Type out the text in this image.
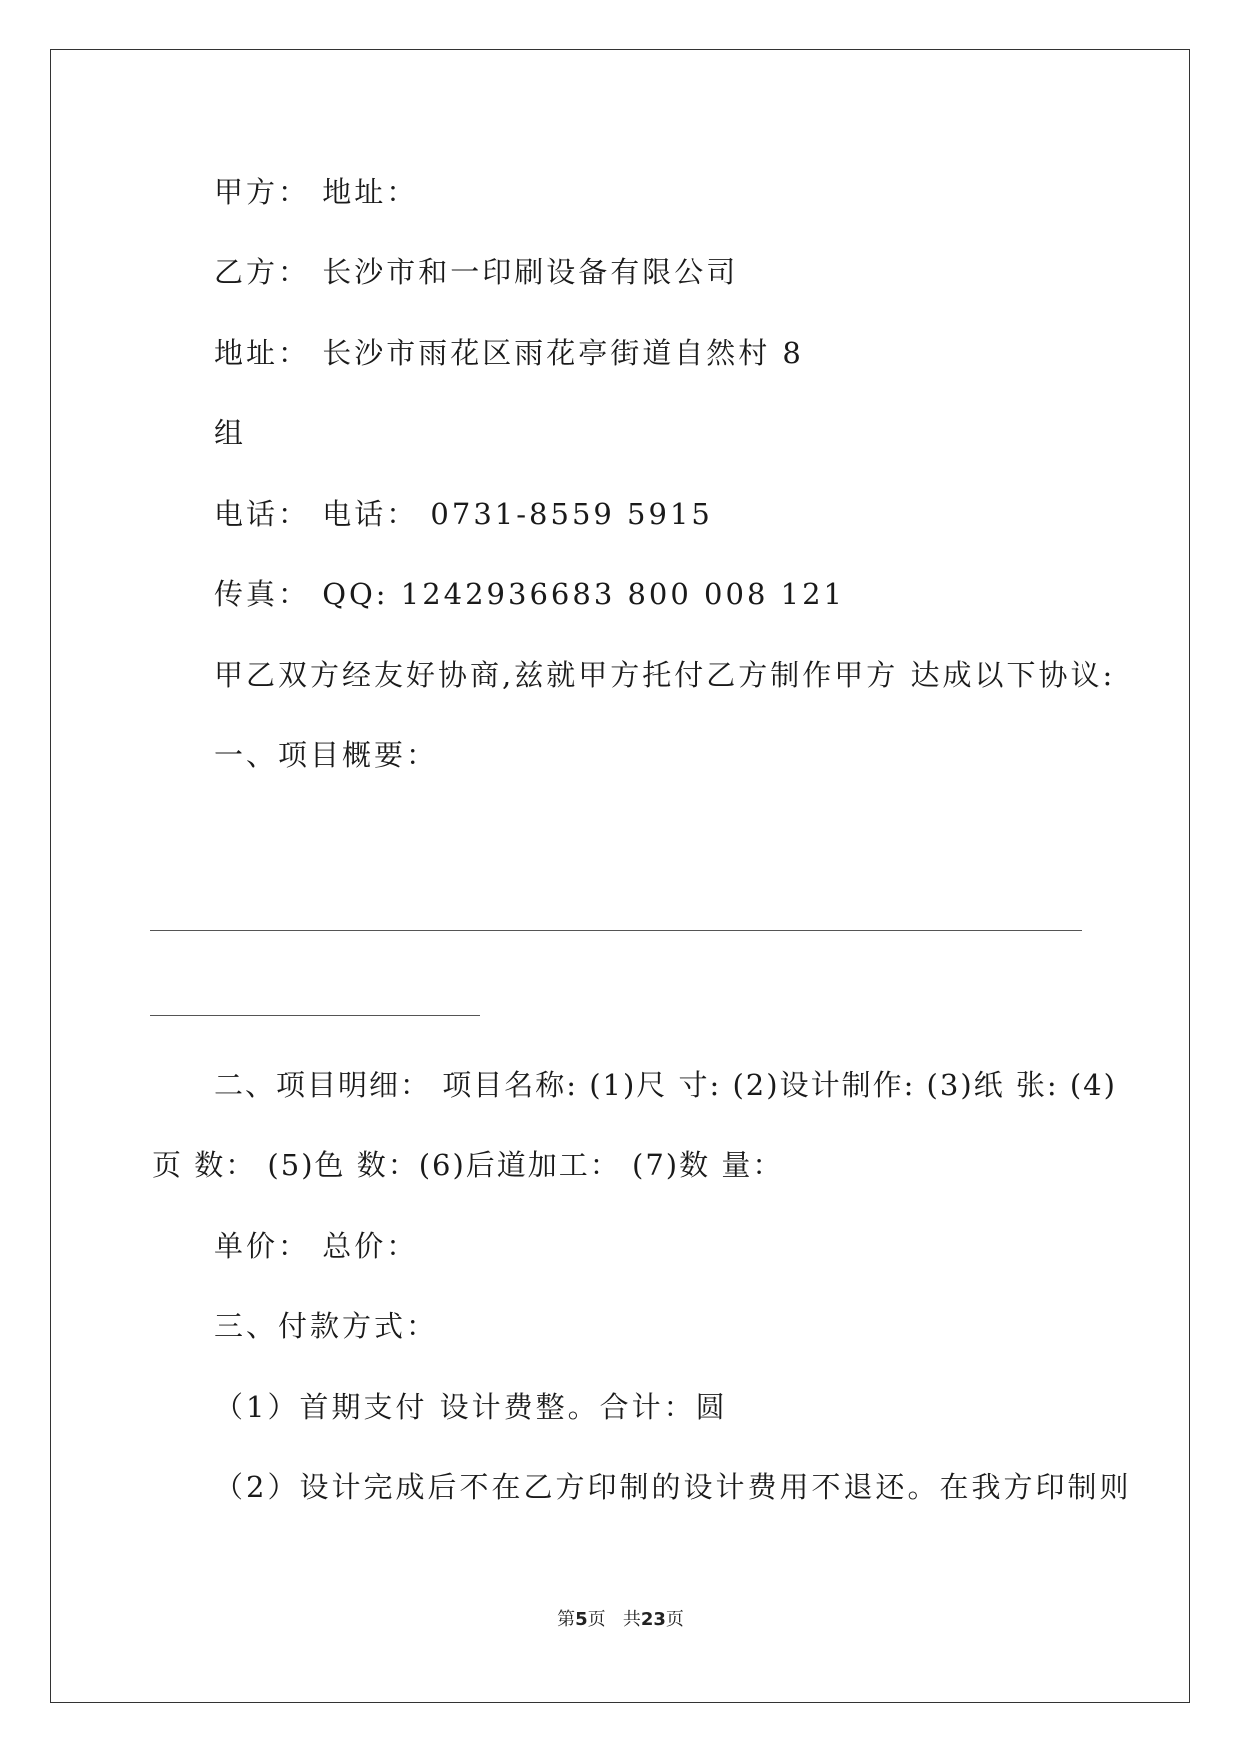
甲方： 地址：
乙方： 长沙市和一印刷设备有限公司
地址： 长沙市雨花区雨花亭街道自然村 8
组
电话： 电话： 0731-8559 5915
传真： QQ: 1242936683 800 008 121
甲乙双方经友好协商,兹就甲方托付乙方制作甲方 达成以下协议:
一、项目概要：
二、项目明细： 项目名称: (1)尺 寸: (2)设计制作: (3)纸 张: (4)
页 数： (5)色 数：(6)后道加工： (7)数 量：
单价： 总价：
三、付款方式：
（1）首期支付 设计费整。合计：圆
（2）设计完成后不在乙方印制的设计费用不退还。在我方印制则
第5页 共23页
